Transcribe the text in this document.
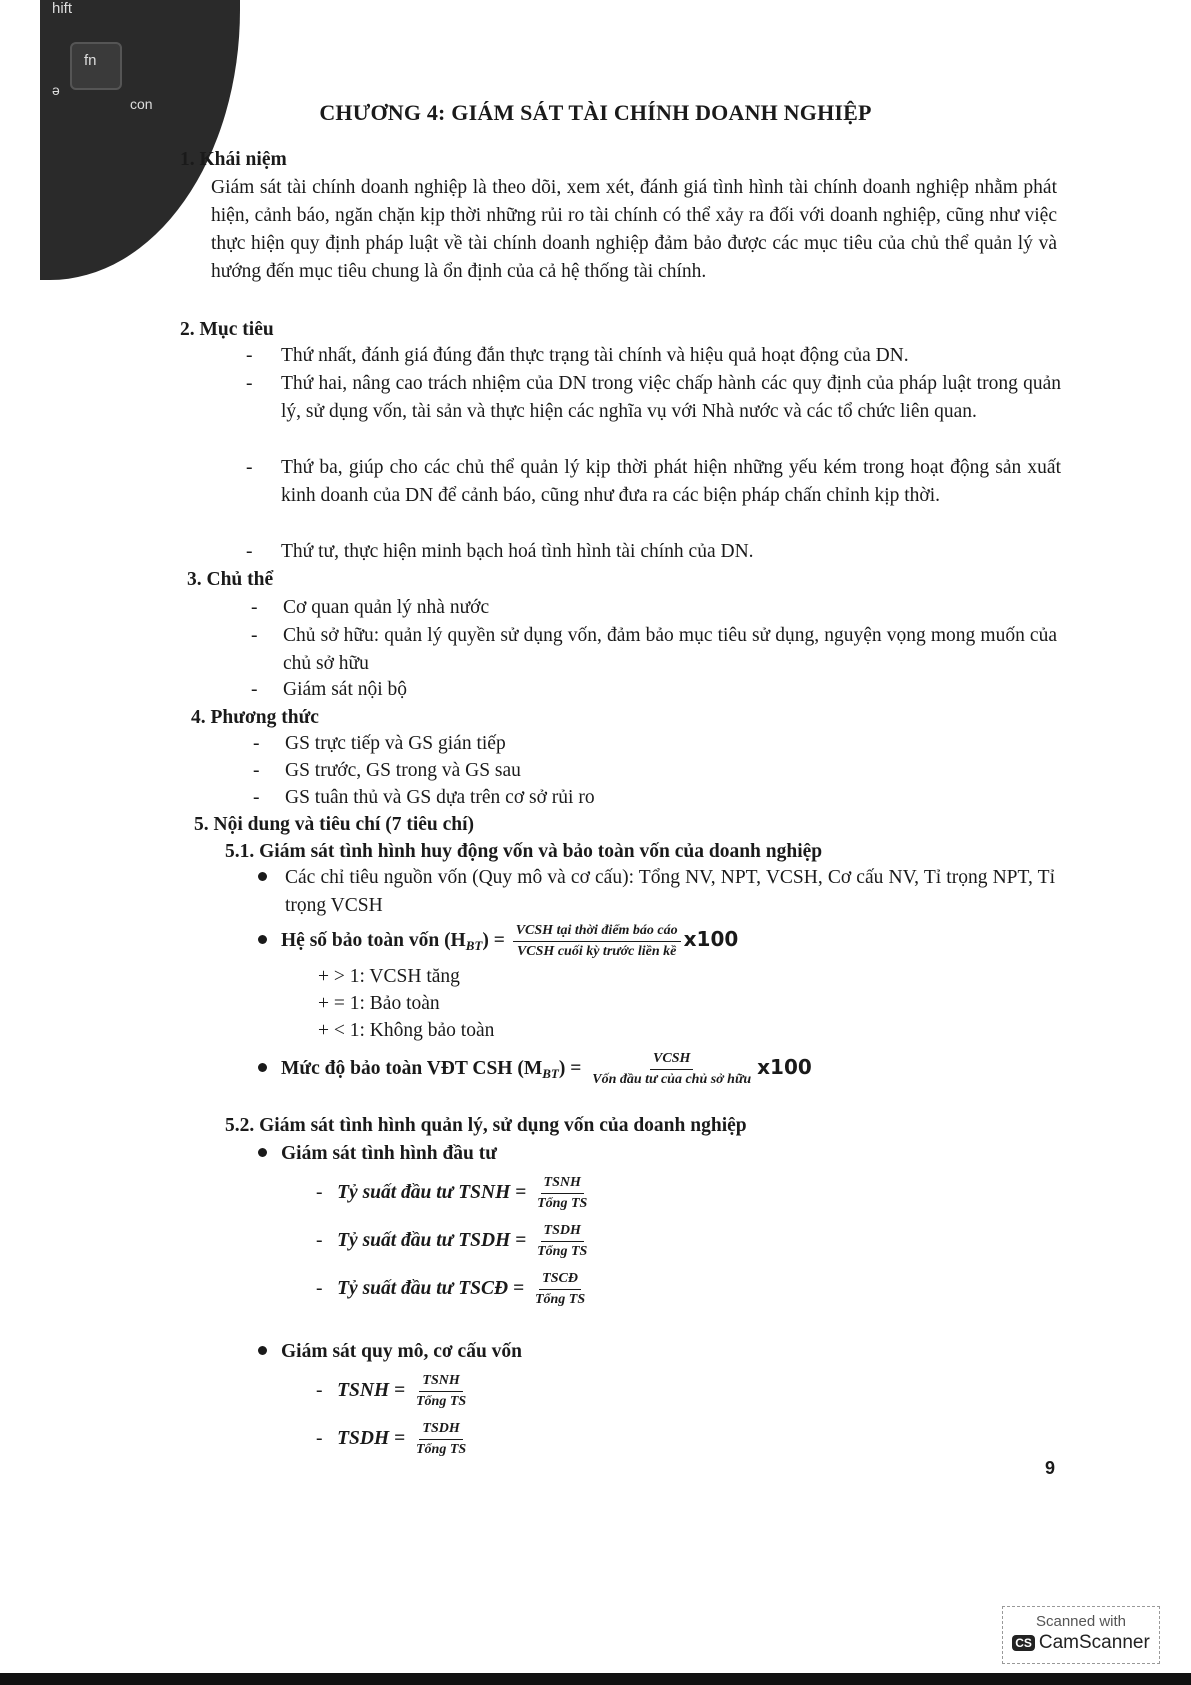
hift
fn
ə
con	CHƯƠNG 4: GIÁM SÁT TÀI CHÍNH DOANH NGHIỆP
1. Khái niệm
Giám sát tài chính doanh nghiệp là theo dõi, xem xét, đánh giá tình hình tài chính doanh nghiệp nhằm phát hiện, cảnh báo, ngăn chặn kịp thời những rủi ro tài chính có thể xảy ra đối với doanh nghiệp, cũng như việc thực hiện quy định pháp luật về tài chính doanh nghiệp đảm bảo được các mục tiêu của chủ thể quản lý và hướng đến mục tiêu chung là ổn định của cả hệ thống tài chính.
2. Mục tiêu
- Thứ nhất, đánh giá đúng đắn thực trạng tài chính và hiệu quả hoạt động của DN.
- Thứ hai, nâng cao trách nhiệm của DN trong việc chấp hành các quy định của pháp luật trong quản lý, sử dụng vốn, tài sản và thực hiện các nghĩa vụ với Nhà nước và các tổ chức liên quan.
- Thứ ba, giúp cho các chủ thể quản lý kịp thời phát hiện những yếu kém trong hoạt động sản xuất kinh doanh của DN để cảnh báo, cũng như đưa ra các biện pháp chấn chỉnh kịp thời.
- Thứ tư, thực hiện minh bạch hoá tình hình tài chính của DN.
3. Chủ thể
- Cơ quan quản lý nhà nước
- Chủ sở hữu: quản lý quyền sử dụng vốn, đảm bảo mục tiêu sử dụng, nguyện vọng mong muốn của chủ sở hữu
- Giám sát nội bộ
4. Phương thức
- GS trực tiếp và GS gián tiếp
- GS trước, GS trong và GS sau
- GS tuân thủ và GS dựa trên cơ sở rủi ro
5. Nội dung và tiêu chí (7 tiêu chí)
5.1. Giám sát tình hình huy động vốn và bảo toàn vốn của doanh nghiệp
Các chỉ tiêu nguồn vốn (Quy mô và cơ cấu): Tổng NV, NPT, VCSH, Cơ cấu NV, Tỉ trọng NPT, Tỉ trọng VCSH
Hệ số bảo toàn vốn $(H_{BT}) = \frac{\text{VCSH tại thời điểm báo cáo}}{\text{VCSH cuối kỳ trước liền kề}} x100$
+ > 1: VCSH tăng
+ = 1: Bảo toàn
+ < 1: Không bảo toàn
Mức độ bảo toàn VĐT CSH $(M_{BT}) = \frac{\text{VCSH}}{\text{Vốn đầu tư của chủ sở hữu}} x100$
5.2. Giám sát tình hình quản lý, sử dụng vốn của doanh nghiệp
Giám sát tình hình đầu tư
-   Tỷ suất đầu tư TSNH = $\frac{\text{TSNH}}{\text{Tổng TS}}$
-   Tỷ suất đầu tư TSDH = $\frac{\text{TSDH}}{\text{Tổng TS}}$
-   Tỷ suất đầu tư TSCĐ = $\frac{\text{TSCĐ}}{\text{Tổng TS}}$
Giám sát quy mô, cơ cấu vốn
-   TSNH = $\frac{\text{TSNH}}{\text{Tổng TS}}$
-   TSDH = $\frac{\text{TSDH}}{\text{Tổng TS}}$
9
Scanned with
CS CamScanner
